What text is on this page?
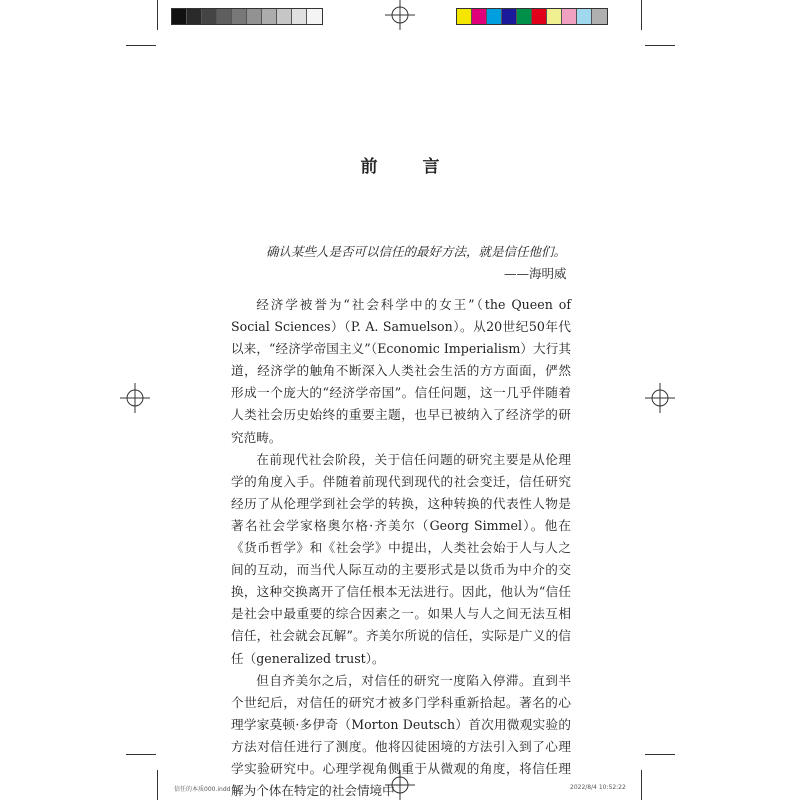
前　言
确认某些人是否可以信任的最好方法，就是信任他们。
——海明威

经济学被誉为“社会科学中的女王”（the Queen of Social Sciences）（P. A. Samuelson）。从20世纪50年代以来，“经济学帝国主义”（Economic Imperialism）大行其道，经济学的触角不断深入人类社会生活的方方面面，俨然形成一个庞大的“经济学帝国”。信任问题，这一几乎伴随着人类社会历史始终的重要主题，也早已被纳入了经济学的研究范畴。

在前现代社会阶段，关于信任问题的研究主要是从伦理学的角度入手。伴随着前现代到现代的社会变迁，信任研究经历了从伦理学到社会学的转换，这种转换的代表性人物是著名社会学家格奥尔格·齐美尔（Georg Simmel）。他在《货币哲学》和《社会学》中提出，人类社会始于人与人之间的互动，而当代人际互动的主要形式是以货币为中介的交换，这种交换离开了信任根本无法进行。因此，他认为“信任是社会中最重要的综合因素之一。如果人与人之间无法互相信任，社会就会瓦解”。齐美尔所说的信任，实际是广义的信任（generalized trust）。

但自齐美尔之后，对信任的研究一度陷入停滞。直到半个世纪后，对信任的研究才被多门学科重新拾起。著名的心理学家莫顿·多伊奇（Morton Deutsch）首次用微观实验的方法对信任进行了测度。他将囚徒困境的方法引入到了心理学实验研究中。心理学视角侧重于从微观的角度，将信任理解为个体在特定的社会情境中

信任的本质000.indd 13	2022/8/4 10:52:22
